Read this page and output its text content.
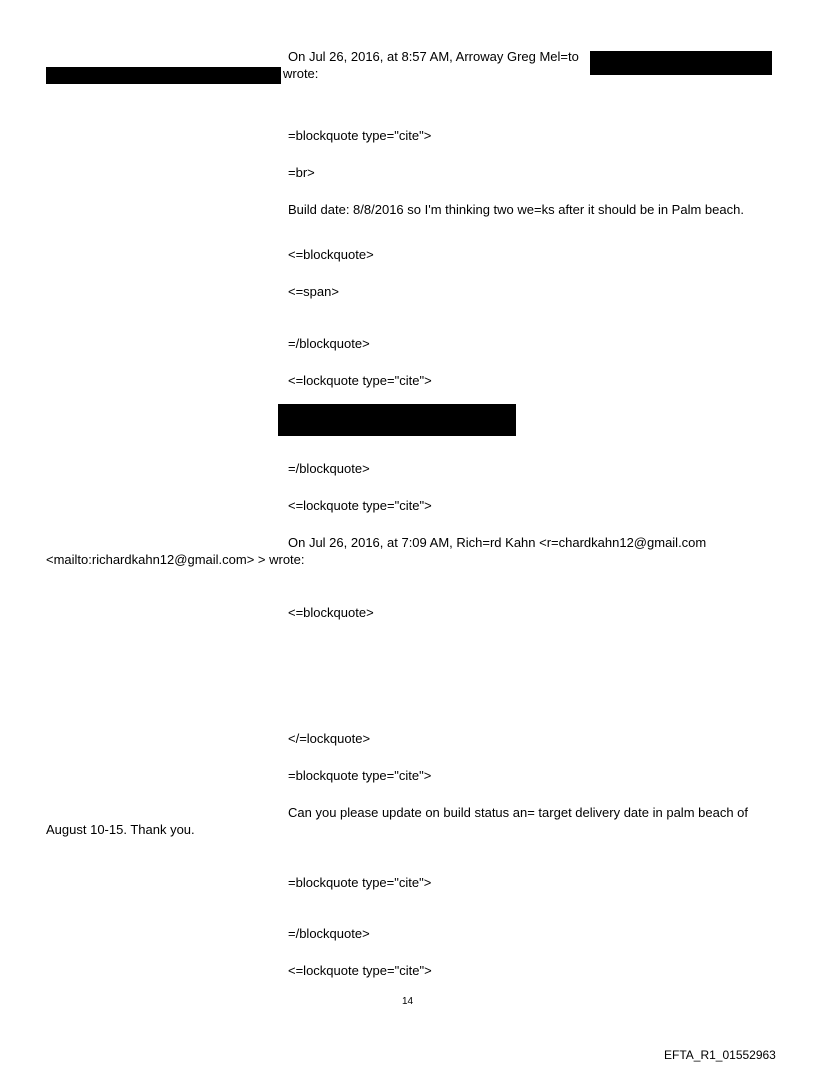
On Jul 26, 2016, at 8:57 AM, Arroway Greg Mel=to
wrote:
=blockquote type="cite">
=br>
Build date: 8/8/2016 so I'm thinking two we=ks after it should be in Palm beach.
<=blockquote>
<=span>
=/blockquote>
<=lockquote type="cite">
=/blockquote>
<=lockquote type="cite">
On Jul 26, 2016, at 7:09 AM, Rich=rd Kahn <r=chardkahn12@gmail.com
<mailto:richardkahn12@gmail.com> > wrote:
<=blockquote>
</=lockquote>
=blockquote type="cite">
Can you please update on build status an= target delivery date in palm beach of
August 10-15. Thank you.
=blockquote type="cite">
=/blockquote>
<=lockquote type="cite">
14
EFTA_R1_01552963
